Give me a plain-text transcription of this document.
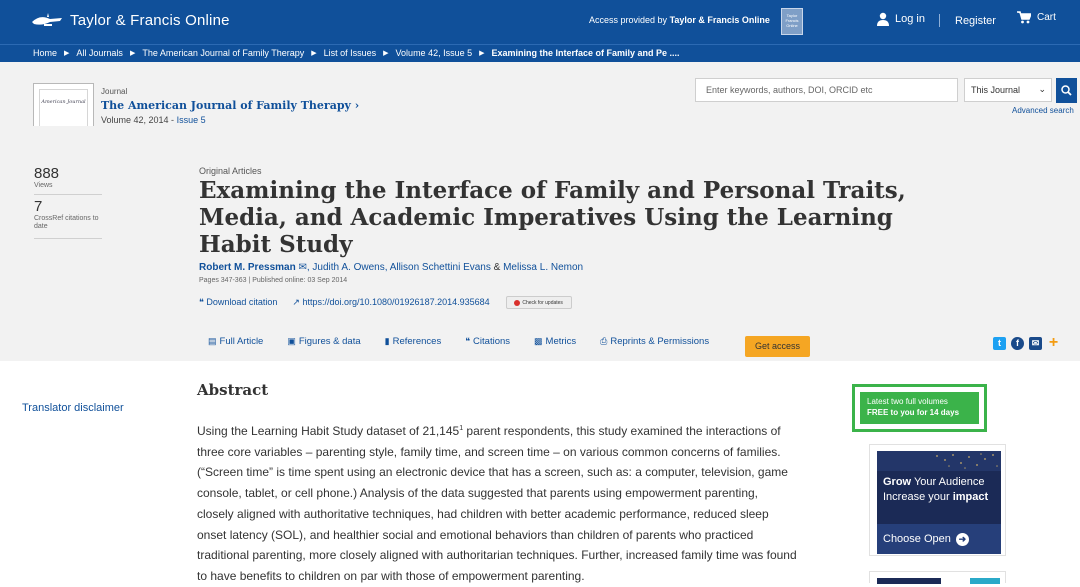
Taylor & Francis Online	Access provided by Taylor & Francis Online	Taylor Francis Online
Log in	Register	Cart
Home ▶ All Journals ▶ The American Journal of Family Therapy ▶ List of Issues ▶ Volume 42, Issue 5 ▶ Examining the Interface of Family and Pe ....
American Journal
Journal
The American Journal of Family Therapy ›
Volume 42, 2014 - Issue 5
Enter keywords, authors, DOI, ORCID etc	This Journal ⌄
Advanced search
888
Views
7
CrossRef citations to date
Original Articles
Examining the Interface of Family and Personal Traits, Media, and Academic Imperatives Using the Learning Habit Study
Robert M. Pressman ✉, Judith A. Owens, Allison Schettini Evans & Melissa L. Nemon
Pages 347-363 | Published online: 03 Sep 2014
❝ Download citation ↗ https://doi.org/10.1080/01926187.2014.935684	Check for updates
▤ Full Article	▣ Figures & data	▮ References	❝ Citations	▩ Metrics	⎙ Reprints & Permissions	Get access	t	f	✉ +
Translator disclaimer
Abstract
Using the Learning Habit Study dataset of 21,145$^1$ parent respondents, this study examined the interactions of three core variables – parenting style, family time, and screen time – on various common concerns of families. (“Screen time” is time spent using an electronic device that has a screen, such as: a computer, television, game console, tablet, or cell phone.) Analysis of the data suggested that parents using empowerment parenting, closely aligned with authoritative techniques, had children with better academic performance, reduced sleep onset latency (SOL), and healthier social and emotional behaviors than children of parents who practiced traditional parenting, more closely aligned with authoritarian techniques. Further, increased family time was found to have benefits to children on par with those of empowerment parenting.
Latest two full volumes
FREE to you for 14 days
Grow Your Audience
Increase your impact
Choose Open ➜
